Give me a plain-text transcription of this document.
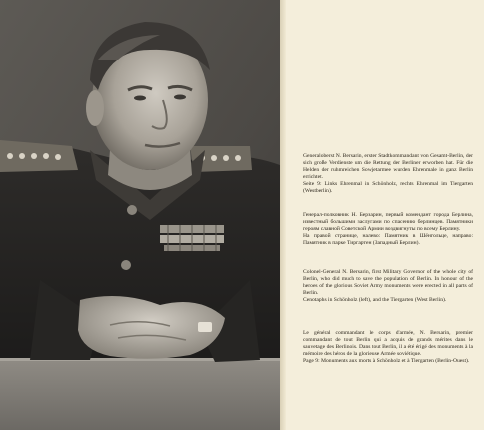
Generaloberst N. Bersarin, erster Stadtkommandant von Gesamt-Berlin, der sich große Verdienste um die Rettung der Berliner erworben hat. Für die Helden der ruhmreichen Sowjetarmee wurden Ehrenmale in ganz Berlin errichtet.

Seite 9: Links Ehrenmal in Schönholz, rechts Ehrenmal im Tiergarten (Westberlin).

Генерал-полковник Н. Берзарин, первый комендант города Берлина, известный большими заслугами по спасению берлинцев. Памятники героям славной Советской Армии воздвигнуты по всему Берлину.

На правой странице, налево: Памятник в Шёнгольце, направо: Памятник в парке Тиргартен (Западный Берлин).

Colonel-General N. Bersarin, first Military Governor of the whole city of Berlin, who did much to save the population of Berlin. In honour of the heroes of the glorious Soviet Army monuments were erected in all parts of Berlin.

Cenotaphs in Schönholz (left), and the Tiergarten (West Berlin).

Le général commandant le corps d'armée, N. Bersarin, premier commandant de tout Berlin qui a acquis de grands mérites dans le sauvetage des Berlinois. Dans tout Berlin, il a été érigé des monuments à la mémoire des héros de la glorieuse Armée soviétique.

Page 9: Monuments aux morts à Schönholz et à Tiergarten (Berlin-Ouest).
